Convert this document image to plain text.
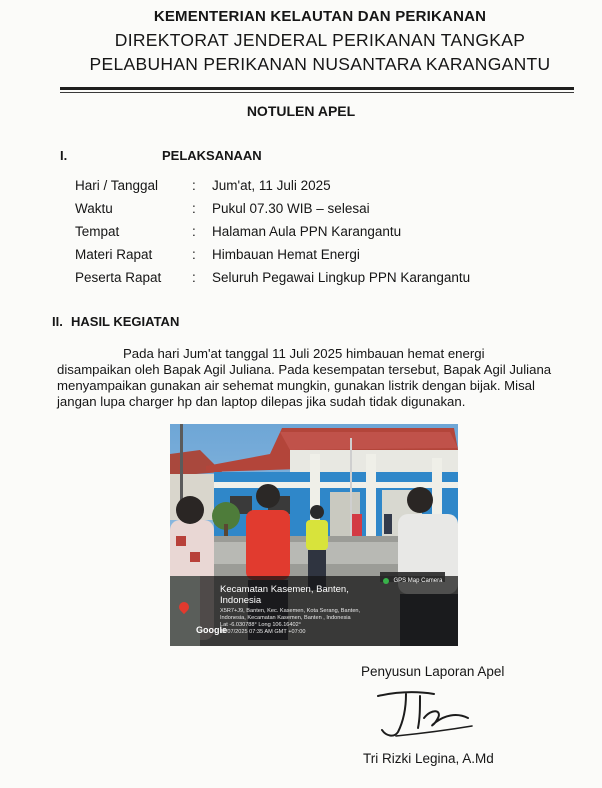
KEMENTERIAN KELAUTAN DAN PERIKANAN
DIREKTORAT JENDERAL PERIKANAN TANGKAP
PELABUHAN PERIKANAN NUSANTARA KARANGANTU
NOTULEN APEL
I.	PELAKSANAAN
Hari / Tanggal	: Jum'at, 11 Juli 2025
Waktu	: Pukul 07.30 WIB – selesai
Tempat	: Halaman Aula PPN Karangantu
Materi Rapat	: Himbauan Hemat Energi
Peserta Rapat : Seluruh Pegawai Lingkup PPN Karangantu
II. HASIL KEGIATAN
Pada hari Jum'at tanggal 11 Juli 2025 himbauan hemat energi
disampaikan oleh Bapak Agil Juliana. Pada kesempatan tersebut, Bapak Agil Juliana
menyampaikan gunakan air sehemat mungkin, gunakan listrik dengan bijak. Misal
jangan lupa charger hp dan laptop dilepas jika sudah tidak digunakan.
Google
GPS Map Camera
Kecamatan Kasemen, Banten,
Indonesia
X5R7+J9, Banten, Kec. Kasemen, Kota Serang, Banten,
Indonesia, Kecamatan Kasemen, Banten , Indonesia
Lat -6.030788° Long 106.16402°
11/07/2025 07:35 AM GMT +07:00
Penyusun Laporan Apel
Tri Rizki Legina, A.Md
